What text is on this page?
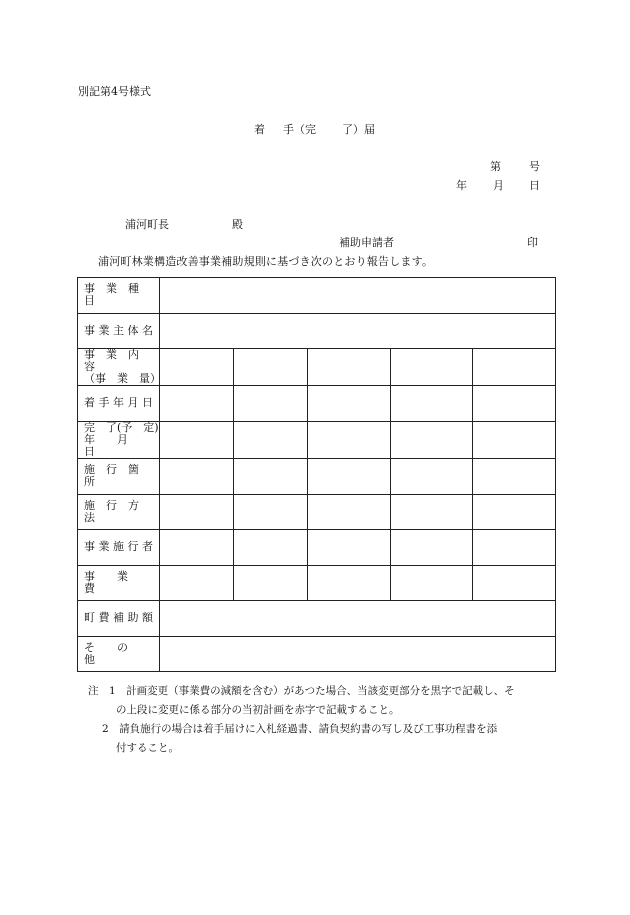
別記第4号様式
着 手（完 了）届
第	号
年 月 日
浦河町長	殿
補助申請者	印
浦河町林業構造改善事業補助規則に基づき次のとおり報告します。
事　業　種　目					

事 業 主 体 名					

事　業　内　容
（事　業　量）					

着 手 年 月 日					

完　了(予　定)
年　　月　　日					

施　行　箇　所					

施　行　方　法					

事 業 施 行 者					

事　　業　　費					

町 費 補 助 額					

そ　　の　　他					

注　1　計画変更（事業費の減額を含む）があつた場合、当該変更部分を黒字で記載し、そ
の上段に変更に係る部分の当初計画を赤字で記載すること。
2　請負施行の場合は着手届けに入札経過書、請負契約書の写し及び工事功程書を添
付すること。
